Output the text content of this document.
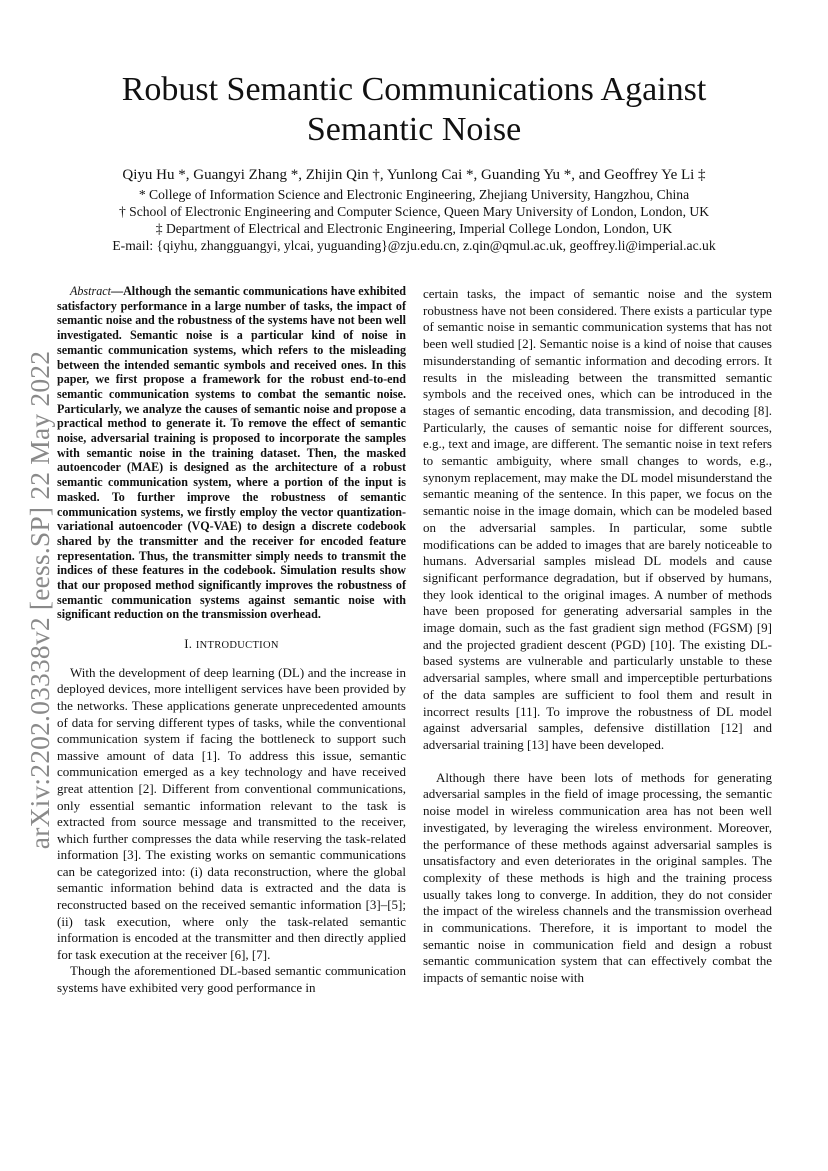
arXiv:2202.03338v2 [eess.SP] 22 May 2022
Robust Semantic Communications Against Semantic Noise
Qiyu Hu *, Guangyi Zhang *, Zhijin Qin †, Yunlong Cai *, Guanding Yu *, and Geoffrey Ye Li ‡
* College of Information Science and Electronic Engineering, Zhejiang University, Hangzhou, China
† School of Electronic Engineering and Computer Science, Queen Mary University of London, London, UK
‡ Department of Electrical and Electronic Engineering, Imperial College London, London, UK
E-mail: {qiyhu, zhangguangyi, ylcai, yuguanding}@zju.edu.cn, z.qin@qmul.ac.uk, geoffrey.li@imperial.ac.uk

Abstract—Although the semantic communications have exhibited satisfactory performance in a large number of tasks, the impact of semantic noise and the robustness of the systems have not been well investigated. Semantic noise is a particular kind of noise in semantic communication systems, which refers to the misleading between the intended semantic symbols and received ones. In this paper, we first propose a framework for the robust end-to-end semantic communication systems to combat the semantic noise. Particularly, we analyze the causes of semantic noise and propose a practical method to generate it. To remove the effect of semantic noise, adversarial training is proposed to incorporate the samples with semantic noise in the training dataset. Then, the masked autoencoder (MAE) is designed as the architecture of a robust semantic communication system, where a portion of the input is masked. To further improve the robustness of semantic communication systems, we firstly employ the vector quantization-variational autoencoder (VQ-VAE) to design a discrete codebook shared by the transmitter and the receiver for encoded feature representation. Thus, the transmitter simply needs to transmit the indices of these features in the codebook. Simulation results show that our proposed method significantly improves the robustness of semantic communication systems against semantic noise with significant reduction on the transmission overhead.

I. INTRODUCTION

With the development of deep learning (DL) and the increase in deployed devices, more intelligent services have been provided by the networks. These applications generate unprecedented amounts of data for serving different types of tasks, while the conventional communication system if facing the bottleneck to support such massive amount of data [1]. To address this issue, semantic communication emerged as a key technology and have received great attention [2]. Different from conventional communications, only essential semantic information relevant to the task is extracted from source message and transmitted to the receiver, which further compresses the data while reserving the task-related information [3]. The existing works on semantic communications can be categorized into: (i) data reconstruction, where the global semantic information behind data is extracted and the data is reconstructed based on the received semantic information [3]–[5]; (ii) task execution, where only the task-related semantic information is encoded at the transmitter and then directly applied for task execution at the receiver [6], [7].

Though the aforementioned DL-based semantic communication systems have exhibited very good performance in

certain tasks, the impact of semantic noise and the system robustness have not been considered. There exists a particular type of semantic noise in semantic communication systems that has not been well studied [2]. Semantic noise is a kind of noise that causes misunderstanding of semantic information and decoding errors. It results in the misleading between the transmitted semantic symbols and the received ones, which can be introduced in the stages of semantic encoding, data transmission, and decoding [8]. Particularly, the causes of semantic noise for different sources, e.g., text and image, are different. The semantic noise in text refers to semantic ambiguity, where small changes to words, e.g., synonym replacement, may make the DL model misunderstand the semantic meaning of the sentence. In this paper, we focus on the semantic noise in the image domain, which can be modeled based on the adversarial samples. In particular, some subtle modifications can be added to images that are barely noticeable to humans. Adversarial samples mislead DL models and cause significant performance degradation, but if observed by humans, they look identical to the original images. A number of methods have been proposed for generating adversarial samples in the image domain, such as the fast gradient sign method (FGSM) [9] and the projected gradient descent (PGD) [10]. The existing DL-based systems are vulnerable and particularly unstable to these adversarial samples, where small and imperceptible perturbations of the data samples are sufficient to fool them and result in incorrect results [11]. To improve the robustness of DL model against adversarial samples, defensive distillation [12] and adversarial training [13] have been developed.

Although there have been lots of methods for generating adversarial samples in the field of image processing, the semantic noise model in wireless communication area has not been well investigated, by leveraging the wireless environment. Moreover, the performance of these methods against adversarial samples is unsatisfactory and even deteriorates in the original samples. The complexity of these methods is high and the training process usually takes long to converge. In addition, they do not consider the impact of the wireless channels and the transmission overhead in communications. Therefore, it is important to model the semantic noise in communication field and design a robust semantic communication system that can effectively combat the impacts of semantic noise with
